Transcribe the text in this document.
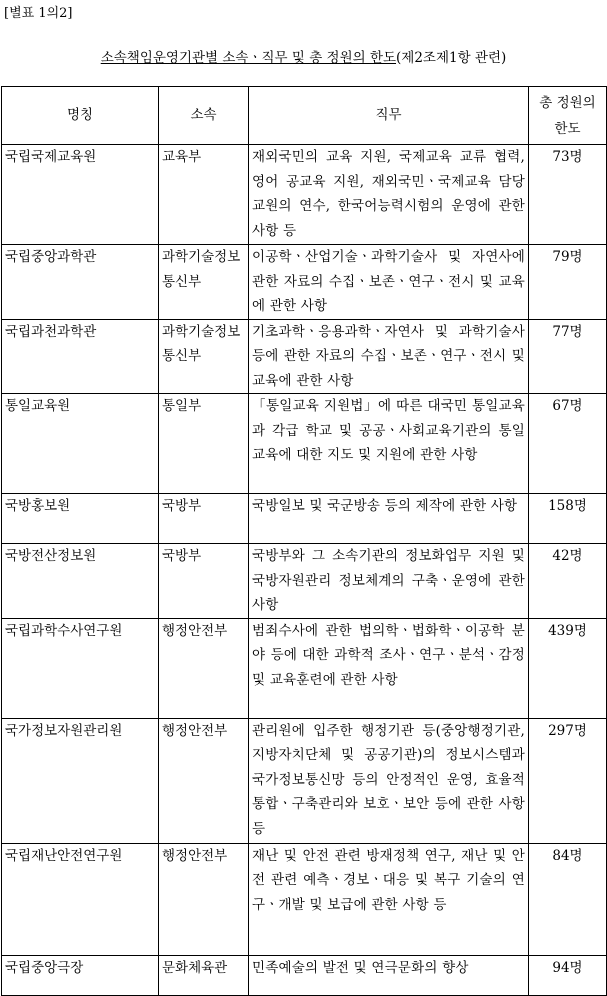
[별표 1의2]
소속책임운영기관별 소속ㆍ직무 및 총 정원의 한도(제2조제1항 관련)
명칭	소속	직무	총 정원의 한도
국립국제교육원	교육부	재외국민의 교육 지원, 국제교육 교류 협력, 영어 공교육 지원, 재외국민ㆍ국제교육 담당 교원의 연수, 한국어능력시험의 운영에 관한 사항 등	73명
국립중앙과학관	과학기술정보통신부	이공학ㆍ산업기술ㆍ과학기술사 및 자연사에 관한 자료의 수집ㆍ보존ㆍ연구ㆍ전시 및 교육에 관한 사항	79명
국립과천과학관	과학기술정보통신부	기초과학ㆍ응용과학ㆍ자연사 및 과학기술사 등에 관한 자료의 수집ㆍ보존ㆍ연구ㆍ전시 및 교육에 관한 사항	77명
통일교육원	통일부	「통일교육 지원법」에 따른 대국민 통일교육과 각급 학교 및 공공ㆍ사회교육기관의 통일교육에 대한 지도 및 지원에 관한 사항	67명
국방홍보원	국방부	국방일보 및 국군방송 등의 제작에 관한 사항	158명
국방전산정보원	국방부	국방부와 그 소속기관의 정보화업무 지원 및 국방자원관리 정보체계의 구축ㆍ운영에 관한 사항	42명
국립과학수사연구원	행정안전부	범죄수사에 관한 법의학ㆍ법화학ㆍ이공학 분야 등에 대한 과학적 조사ㆍ연구ㆍ분석ㆍ감정 및 교육훈련에 관한 사항	439명
국가정보자원관리원	행정안전부	관리원에 입주한 행정기관 등(중앙행정기관, 지방자치단체 및 공공기관)의 정보시스템과 국가정보통신망 등의 안정적인 운영, 효율적 통합ㆍ구축관리와 보호ㆍ보안 등에 관한 사항 등	297명
국립재난안전연구원	행정안전부	재난 및 안전 관련 방재정책 연구, 재난 및 안전 관련 예측ㆍ경보ㆍ대응 및 복구 기술의 연구ㆍ개발 및 보급에 관한 사항 등	84명
국립중앙극장	문화체육관	민족예술의 발전 및 연극문화의 향상	94명
